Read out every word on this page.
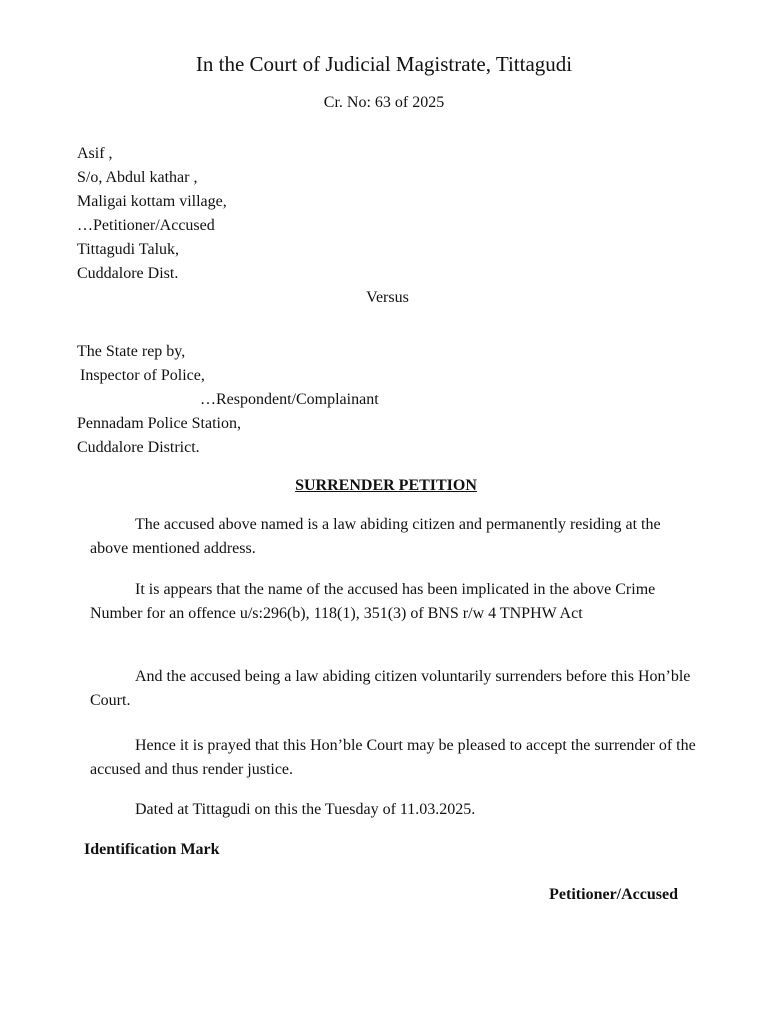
In the Court of Judicial Magistrate, Tittagudi
Cr. No: 63 of 2025
Asif ,
S/o, Abdul kathar ,
Maligai kottam village,
…Petitioner/Accused
Tittagudi Taluk,
Cuddalore Dist.
Versus
The State rep by,
Inspector of Police,
…Respondent/Complainant
Pennadam Police Station,
Cuddalore District.
SURRENDER PETITION
The accused above named is a law abiding citizen and permanently residing at the above mentioned address.
It is appears that the name of the accused has been implicated in the above Crime Number for an offence u/s:296(b), 118(1), 351(3) of BNS r/w 4 TNPHW Act
And the accused being a law abiding citizen voluntarily surrenders before this Hon’ble Court.
Hence it is prayed that this Hon’ble Court may be pleased to accept the surrender of the accused and thus render justice.
Dated at Tittagudi on this the Tuesday of 11.03.2025.
Identification Mark
Petitioner/Accused
